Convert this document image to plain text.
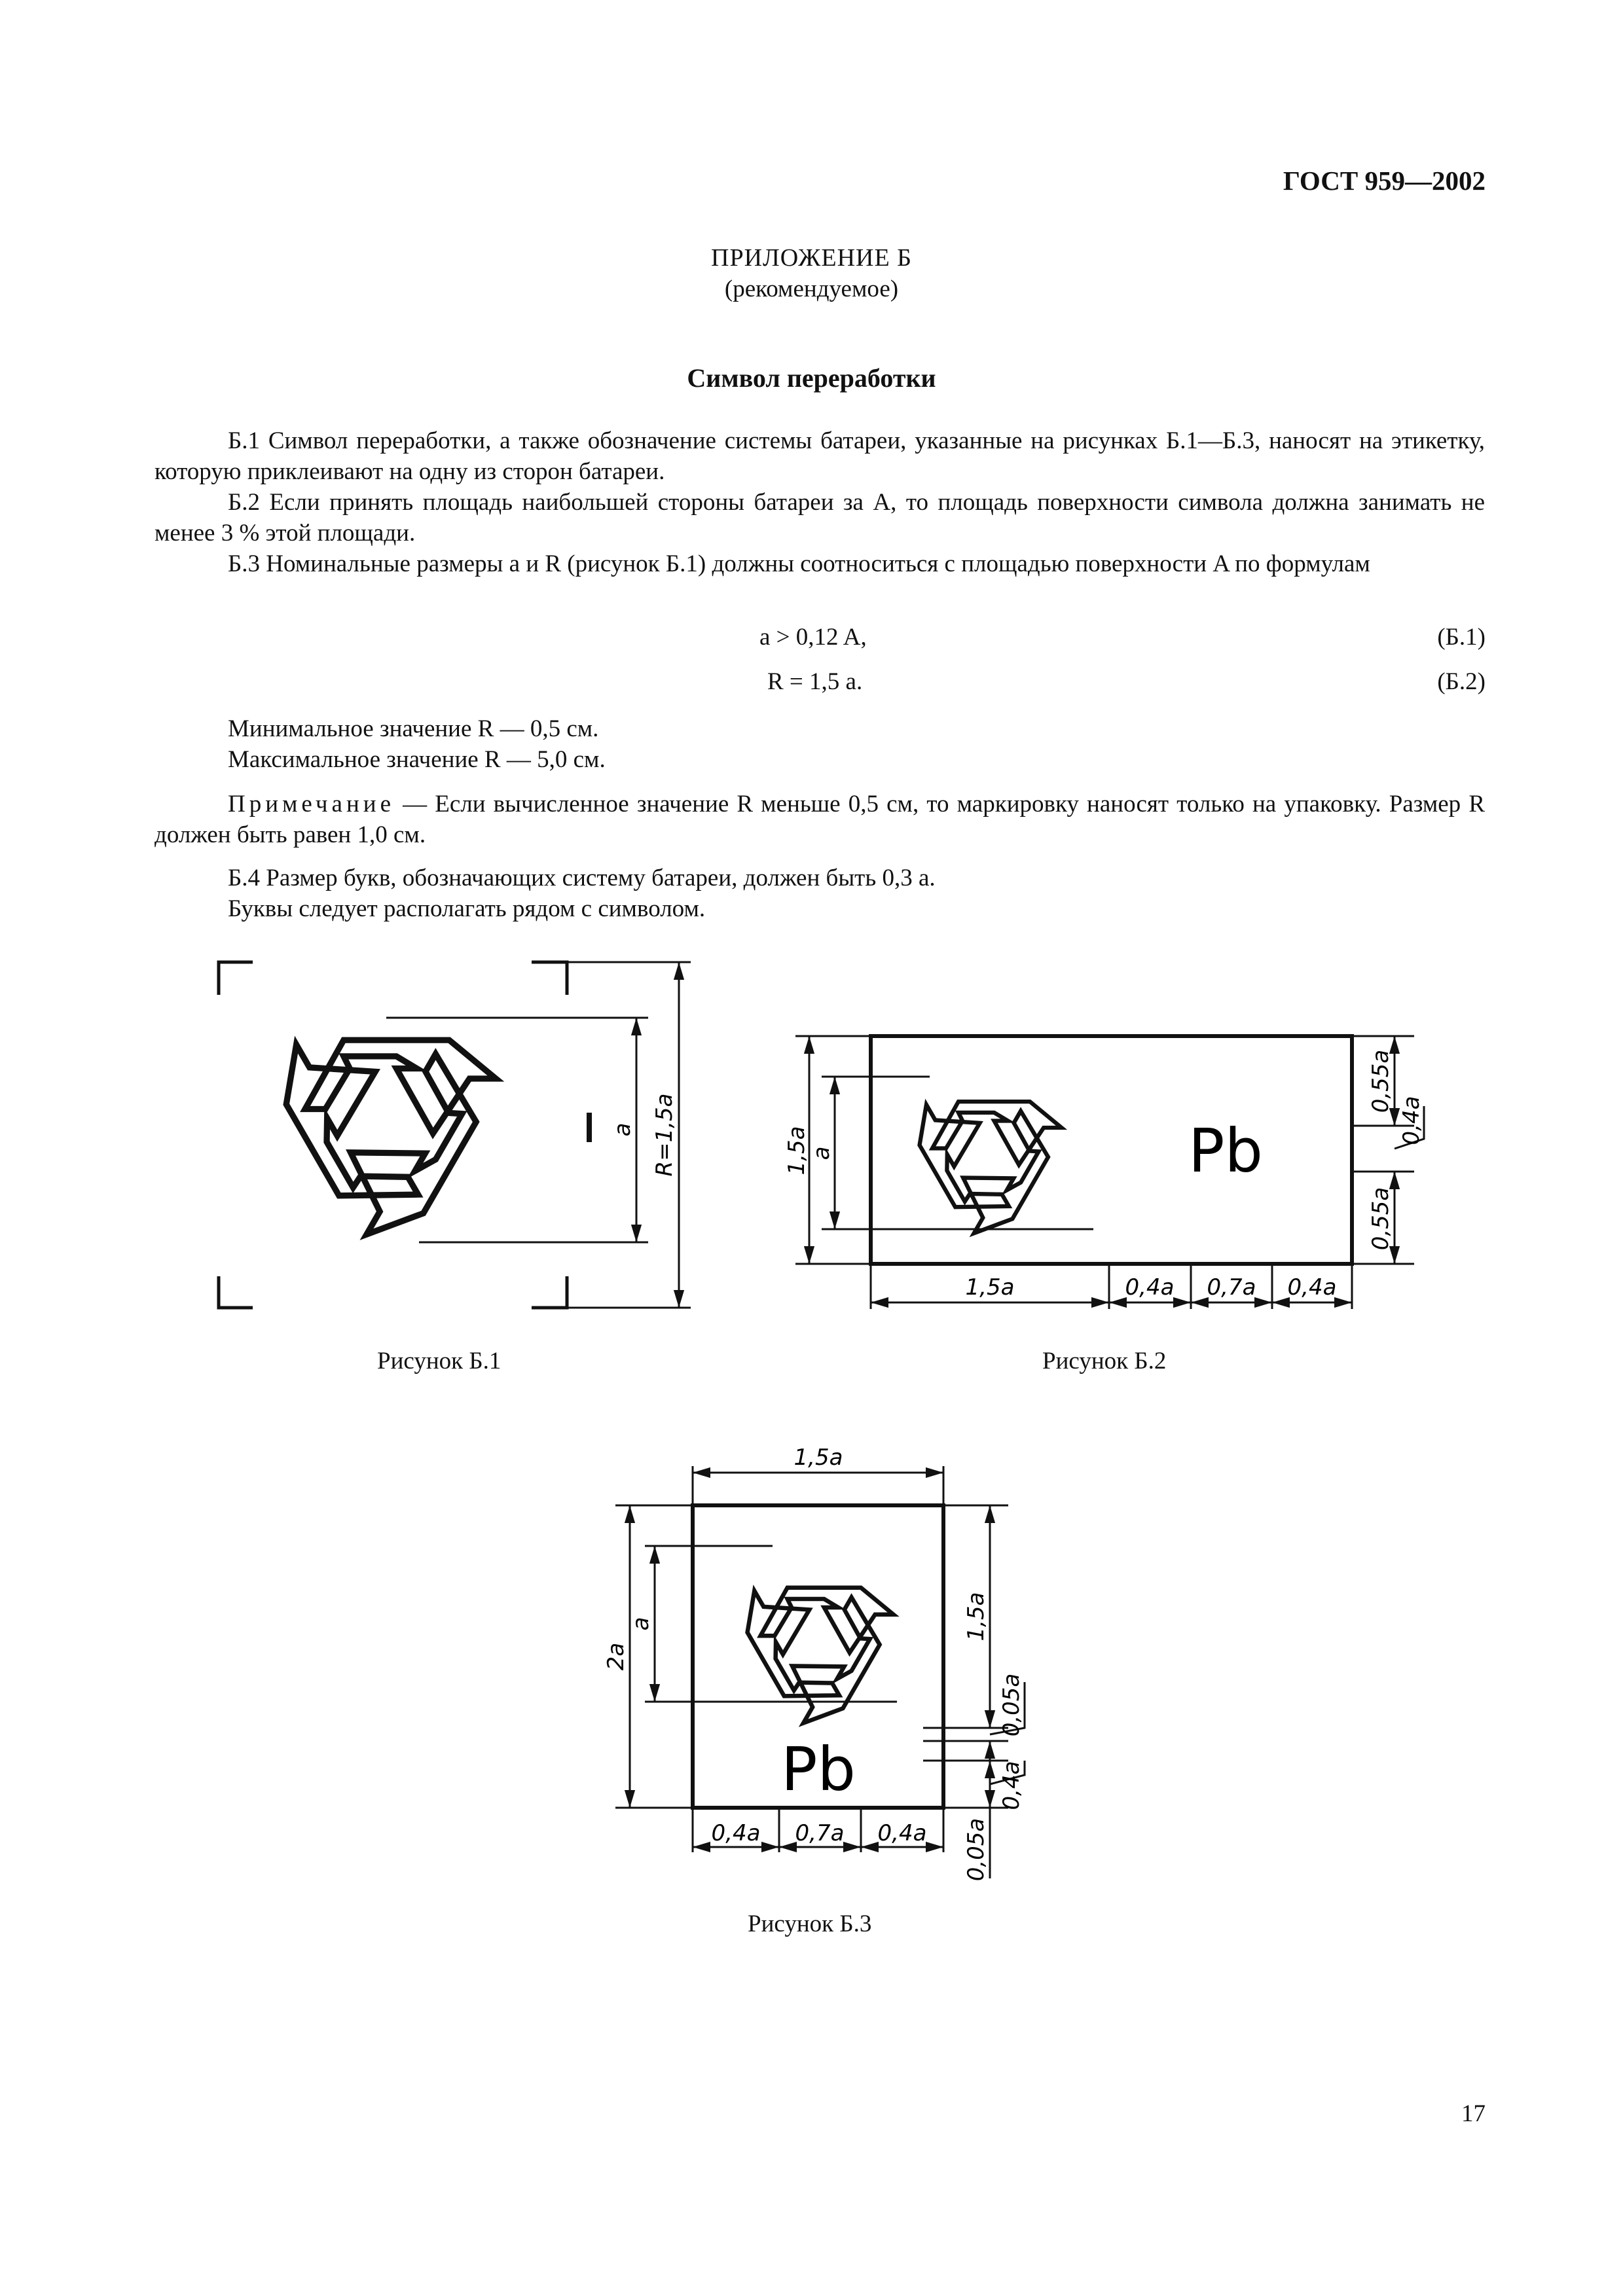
ГОСТ 959—2002
ПРИЛОЖЕНИЕ Б
(рекомендуемое)
Символ переработки
Б.1 Символ переработки, а также обозначение системы батареи, указанные на рисунках Б.1—Б.3, наносят на этикетку, которую приклеивают на одну из сторон батареи.
Б.2 Если принять площадь наибольшей стороны батареи за A, то площадь поверхности символа должна занимать не менее 3 % этой площади.
Б.3 Номинальные размеры a и R (рисунок Б.1) должны соотноситься с площадью поверхности A по формулам
a > 0,12 A,	(Б.1)
R = 1,5 a.	(Б.2)
Минимальное значение R — 0,5 см.
Максимальное значение R — 5,0 см.
Примечание — Если вычисленное значение R меньше 0,5 см, то маркировку наносят только на упаковку. Размер R должен быть равен 1,0 см.
Б.4 Размер букв, обозначающих систему батареи, должен быть 0,3 a.
Буквы следует располагать рядом с символом.
a R=1,5a	Pb
1,5a
a
1,5a	0,4a 0,7a 0,4a
0,55a
0,4a
0,55a
Pb
1,5a
2a
a	1,5a
0,05a
0,4a
0,05a
0,4a 0,7a 0,4a
Рисунок Б.1	Рисунок Б.2
Рисунок Б.3
17
